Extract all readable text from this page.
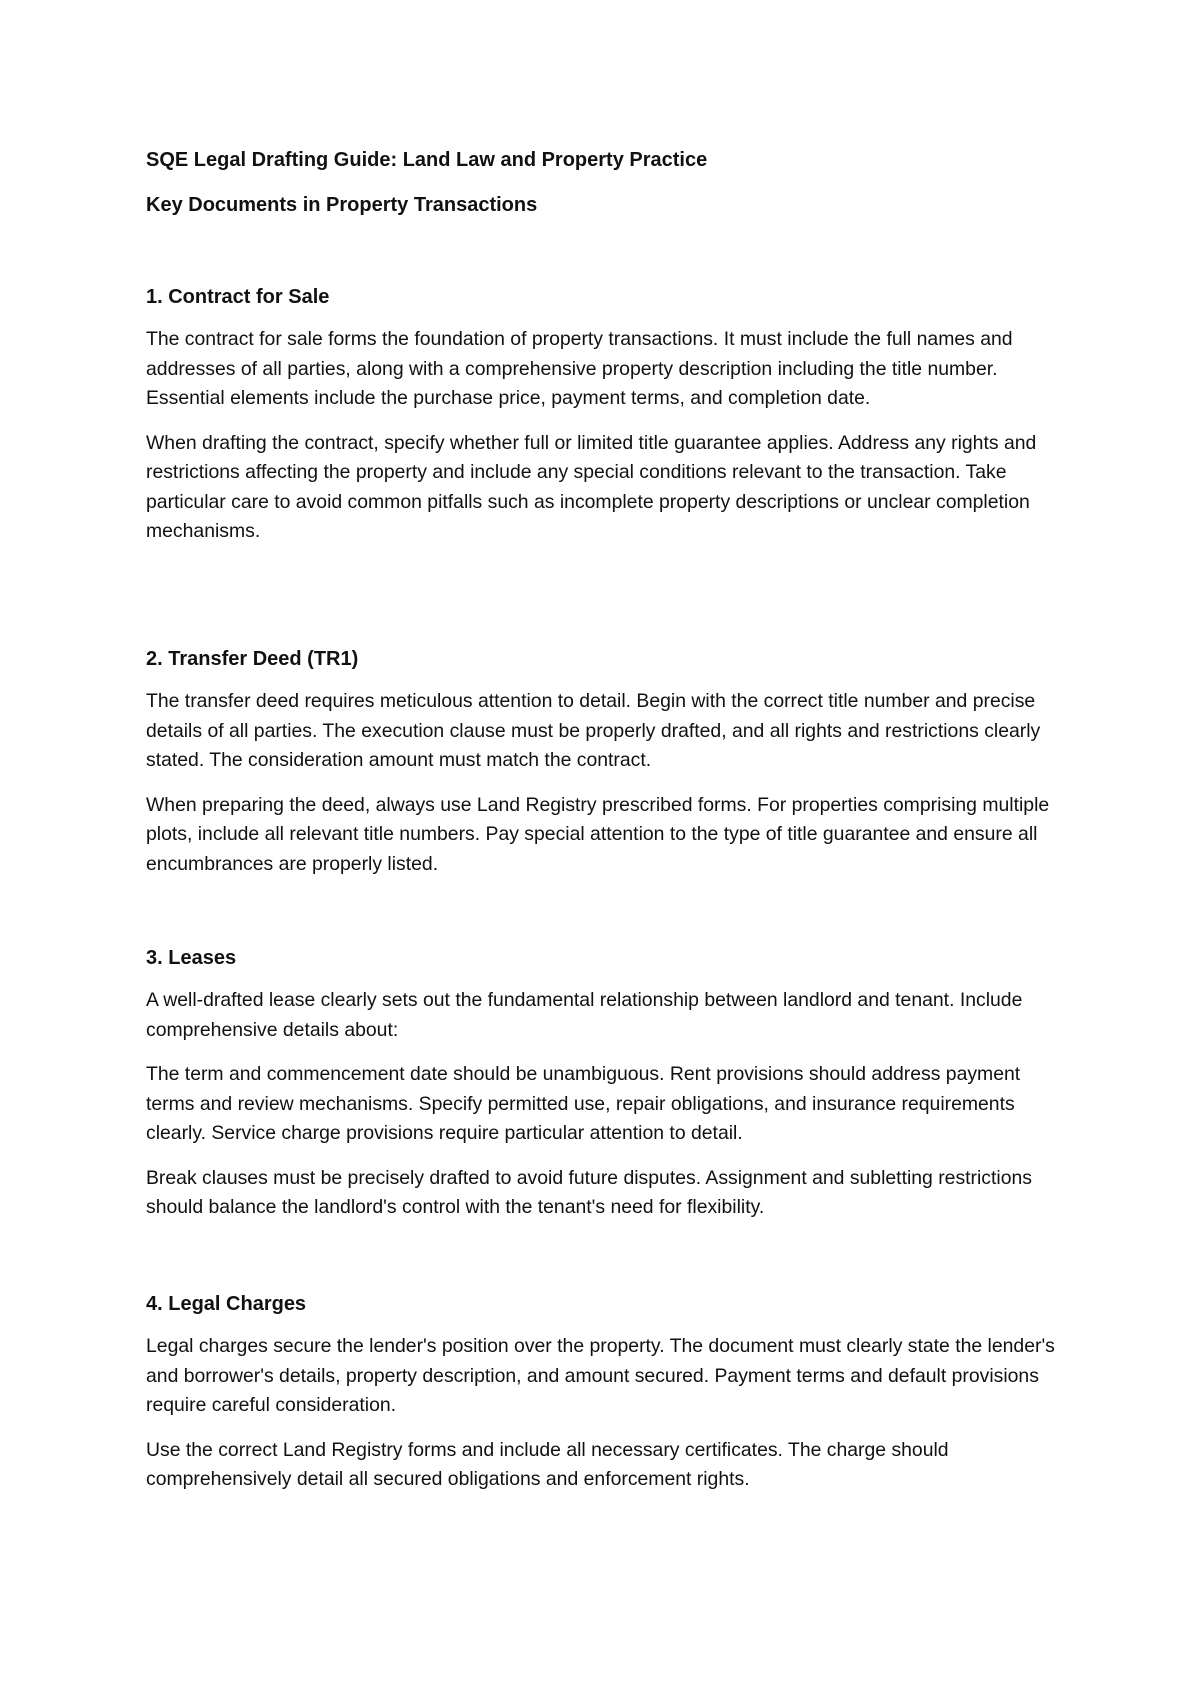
SQE Legal Drafting Guide: Land Law and Property Practice
Key Documents in Property Transactions
1. Contract for Sale

The contract for sale forms the foundation of property transactions. It must include the full names and addresses of all parties, along with a comprehensive property description including the title number. Essential elements include the purchase price, payment terms, and completion date.

When drafting the contract, specify whether full or limited title guarantee applies. Address any rights and restrictions affecting the property and include any special conditions relevant to the transaction. Take particular care to avoid common pitfalls such as incomplete property descriptions or unclear completion mechanisms.

2. Transfer Deed (TR1)

The transfer deed requires meticulous attention to detail. Begin with the correct title number and precise details of all parties. The execution clause must be properly drafted, and all rights and restrictions clearly stated. The consideration amount must match the contract.

When preparing the deed, always use Land Registry prescribed forms. For properties comprising multiple plots, include all relevant title numbers. Pay special attention to the type of title guarantee and ensure all encumbrances are properly listed.

3. Leases

A well-drafted lease clearly sets out the fundamental relationship between landlord and tenant. Include comprehensive details about:

The term and commencement date should be unambiguous. Rent provisions should address payment terms and review mechanisms. Specify permitted use, repair obligations, and insurance requirements clearly. Service charge provisions require particular attention to detail.

Break clauses must be precisely drafted to avoid future disputes. Assignment and subletting restrictions should balance the landlord's control with the tenant's need for flexibility.

4. Legal Charges

Legal charges secure the lender's position over the property. The document must clearly state the lender's and borrower's details, property description, and amount secured. Payment terms and default provisions require careful consideration.

Use the correct Land Registry forms and include all necessary certificates. The charge should comprehensively detail all secured obligations and enforcement rights.
